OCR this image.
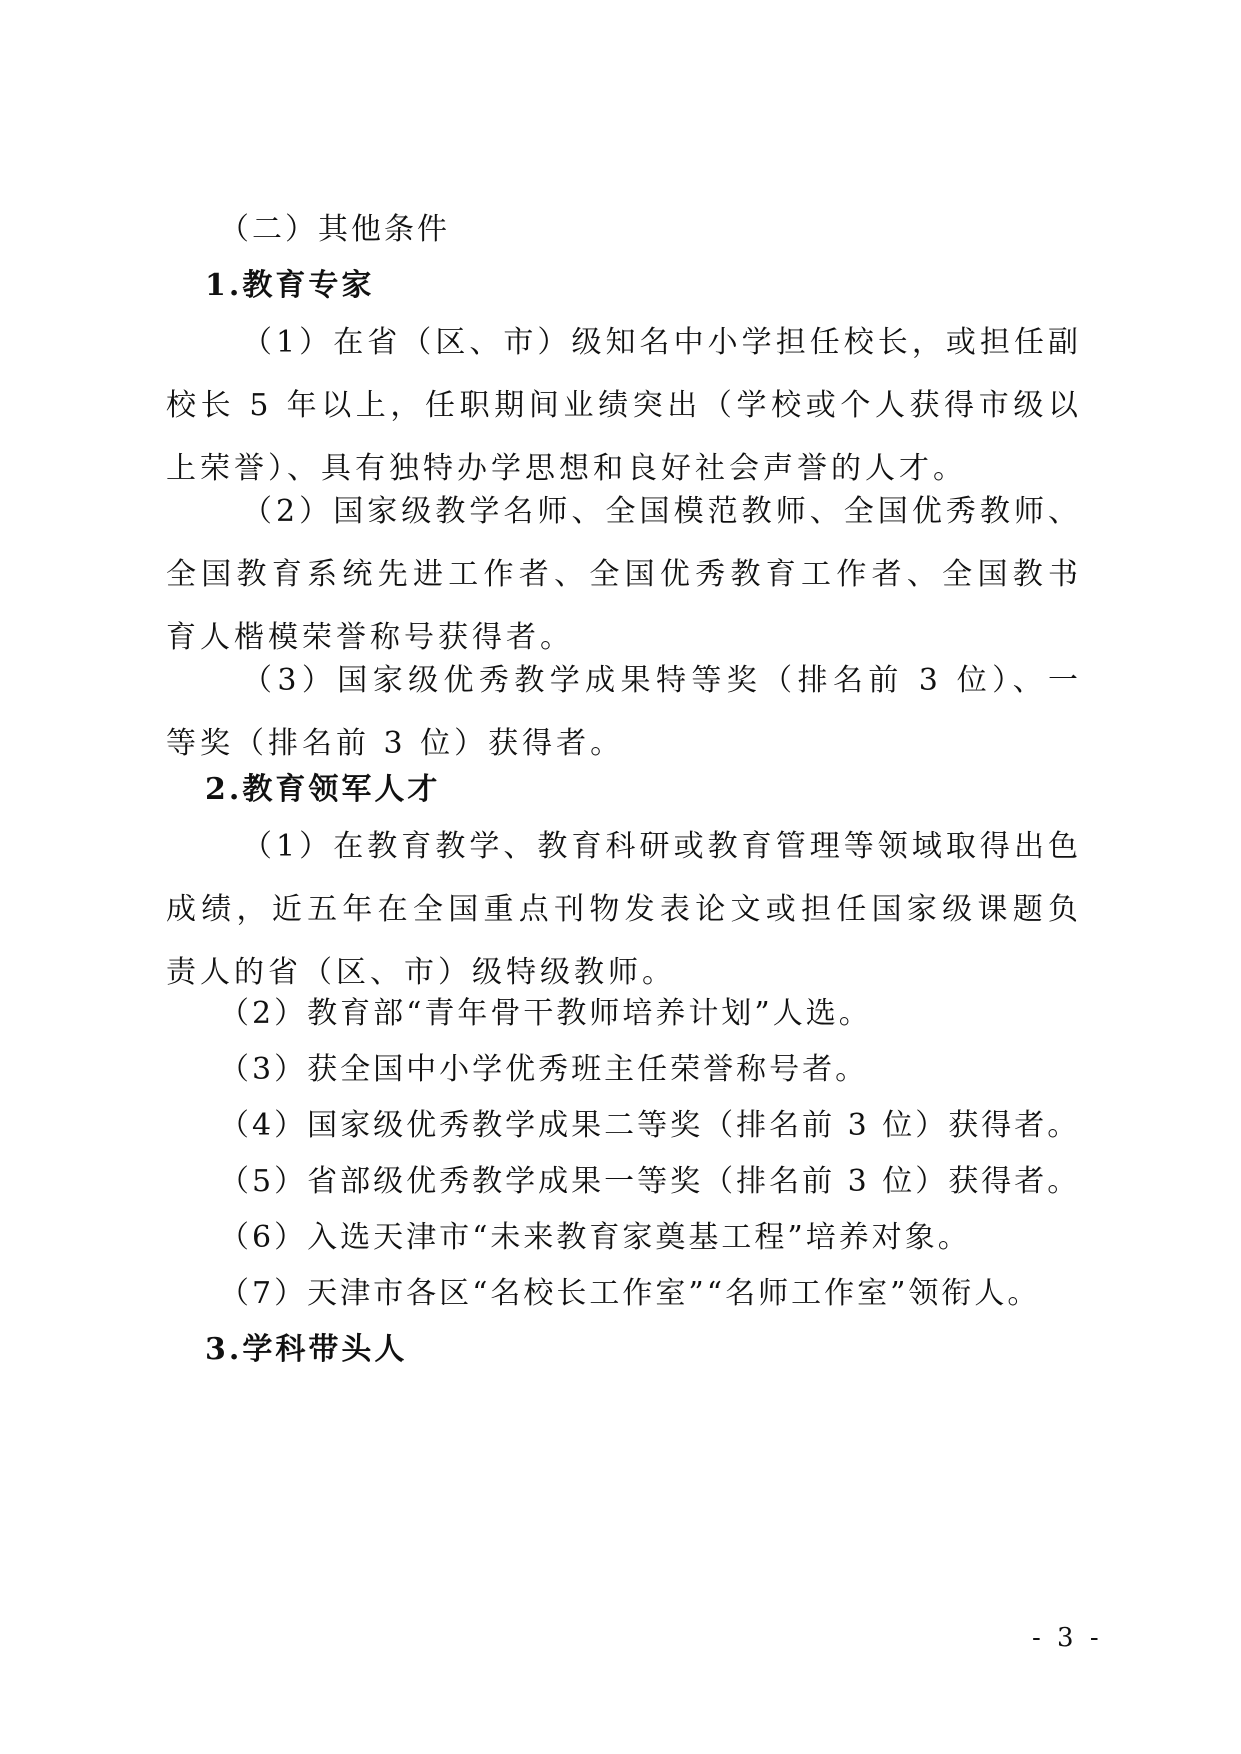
（二）其他条件
1.教育专家
（1）在省（区、市）级知名中小学担任校长，或担任副校长 5 年以上，任职期间业绩突出（学校或个人获得市级以上荣誉）、具有独特办学思想和良好社会声誉的人才。
（2）国家级教学名师、全国模范教师、全国优秀教师、全国教育系统先进工作者、全国优秀教育工作者、全国教书育人楷模荣誉称号获得者。
（3）国家级优秀教学成果特等奖（排名前 3 位）、一等奖（排名前 3 位）获得者。
2.教育领军人才
（1）在教育教学、教育科研或教育管理等领域取得出色成绩，近五年在全国重点刊物发表论文或担任国家级课题负责人的省（区、市）级特级教师。
（2）教育部“青年骨干教师培养计划”人选。
（3）获全国中小学优秀班主任荣誉称号者。
（4）国家级优秀教学成果二等奖（排名前 3 位）获得者。
（5）省部级优秀教学成果一等奖（排名前 3 位）获得者。
（6）入选天津市“未来教育家奠基工程”培养对象。
（7）天津市各区“名校长工作室”“名师工作室”领衔人。
3.学科带头人
- 3 -
